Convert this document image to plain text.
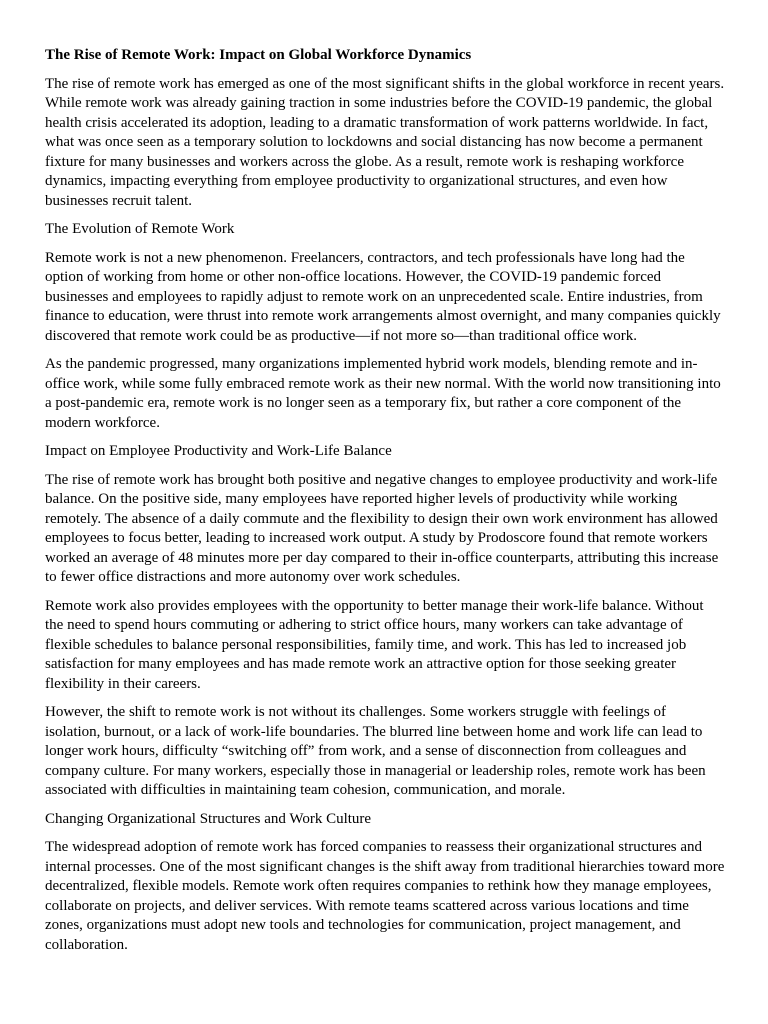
The Rise of Remote Work: Impact on Global Workforce Dynamics

The rise of remote work has emerged as one of the most significant shifts in the global workforce in recent years. While remote work was already gaining traction in some industries before the COVID-19 pandemic, the global health crisis accelerated its adoption, leading to a dramatic transformation of work patterns worldwide. In fact, what was once seen as a temporary solution to lockdowns and social distancing has now become a permanent fixture for many businesses and workers across the globe. As a result, remote work is reshaping workforce dynamics, impacting everything from employee productivity to organizational structures, and even how businesses recruit talent.

The Evolution of Remote Work

Remote work is not a new phenomenon. Freelancers, contractors, and tech professionals have long had the option of working from home or other non-office locations. However, the COVID-19 pandemic forced businesses and employees to rapidly adjust to remote work on an unprecedented scale. Entire industries, from finance to education, were thrust into remote work arrangements almost overnight, and many companies quickly discovered that remote work could be as productive—if not more so—than traditional office work.

As the pandemic progressed, many organizations implemented hybrid work models, blending remote and in-office work, while some fully embraced remote work as their new normal. With the world now transitioning into a post-pandemic era, remote work is no longer seen as a temporary fix, but rather a core component of the modern workforce.

Impact on Employee Productivity and Work-Life Balance

The rise of remote work has brought both positive and negative changes to employee productivity and work-life balance. On the positive side, many employees have reported higher levels of productivity while working remotely. The absence of a daily commute and the flexibility to design their own work environment has allowed employees to focus better, leading to increased work output. A study by Prodoscore found that remote workers worked an average of 48 minutes more per day compared to their in-office counterparts, attributing this increase to fewer office distractions and more autonomy over work schedules.

Remote work also provides employees with the opportunity to better manage their work-life balance. Without the need to spend hours commuting or adhering to strict office hours, many workers can take advantage of flexible schedules to balance personal responsibilities, family time, and work. This has led to increased job satisfaction for many employees and has made remote work an attractive option for those seeking greater flexibility in their careers.

However, the shift to remote work is not without its challenges. Some workers struggle with feelings of isolation, burnout, or a lack of work-life boundaries. The blurred line between home and work life can lead to longer work hours, difficulty “switching off” from work, and a sense of disconnection from colleagues and company culture. For many workers, especially those in managerial or leadership roles, remote work has been associated with difficulties in maintaining team cohesion, communication, and morale.

Changing Organizational Structures and Work Culture

The widespread adoption of remote work has forced companies to reassess their organizational structures and internal processes. One of the most significant changes is the shift away from traditional hierarchies toward more decentralized, flexible models. Remote work often requires companies to rethink how they manage employees, collaborate on projects, and deliver services. With remote teams scattered across various locations and time zones, organizations must adopt new tools and technologies for communication, project management, and collaboration.
